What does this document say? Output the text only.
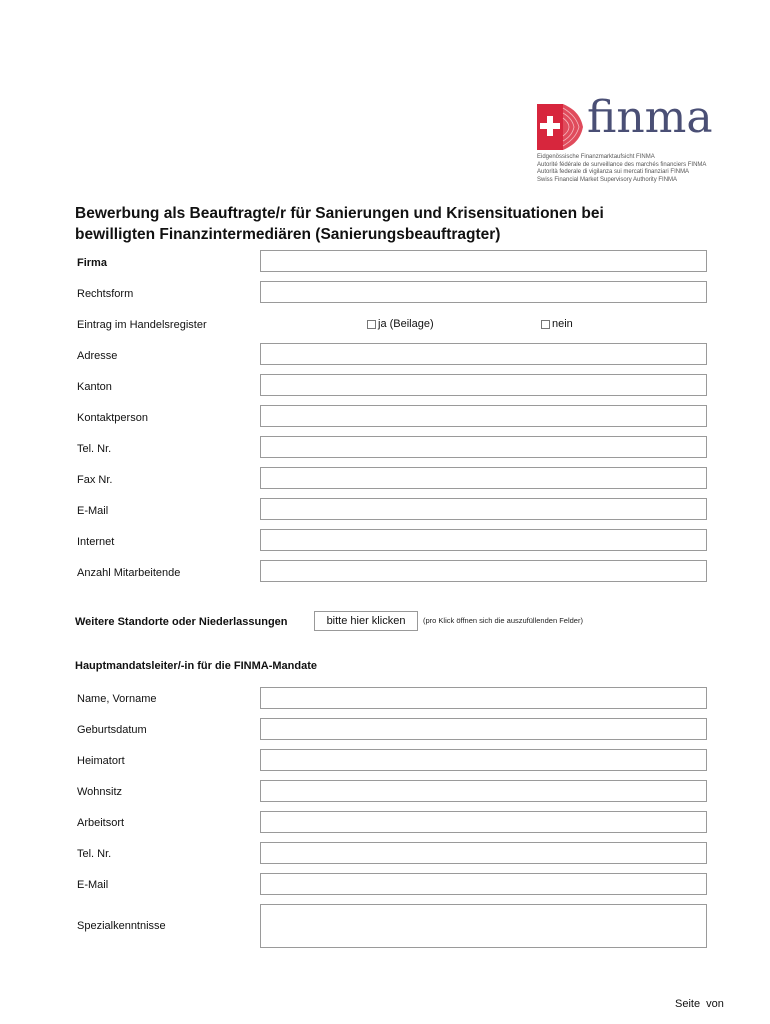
finma
Eidgenössische Finanzmarktaufsicht FINMA
Autorité fédérale de surveillance des marchés financiers FINMA
Autorità federale di vigilanza sui mercati finanziari FINMA
Swiss Financial Market Supervisory Authority FINMA
Bewerbung als Beauftragte/r für Sanierungen und Krisensituationen bei
bewilligten Finanzintermediären (Sanierungsbeauftragter)
Firma
Rechtsform
Eintrag im Handelsregister	ja (Beilage)	nein
Adresse
Kanton
Kontaktperson
Tel. Nr.
Fax Nr.
E-Mail
Internet
Anzahl Mitarbeitende
Weitere Standorte oder Niederlassungen	bitte hier klicken	(pro Klick öffnen sich die auszufüllenden Felder)
Hauptmandatsleiter/-in für die FINMA-Mandate
Name, Vorname
Geburtsdatum
Heimatort
Wohnsitz
Arbeitsort
Tel. Nr.
E-Mail
Spezialkenntnisse
Seite  von
